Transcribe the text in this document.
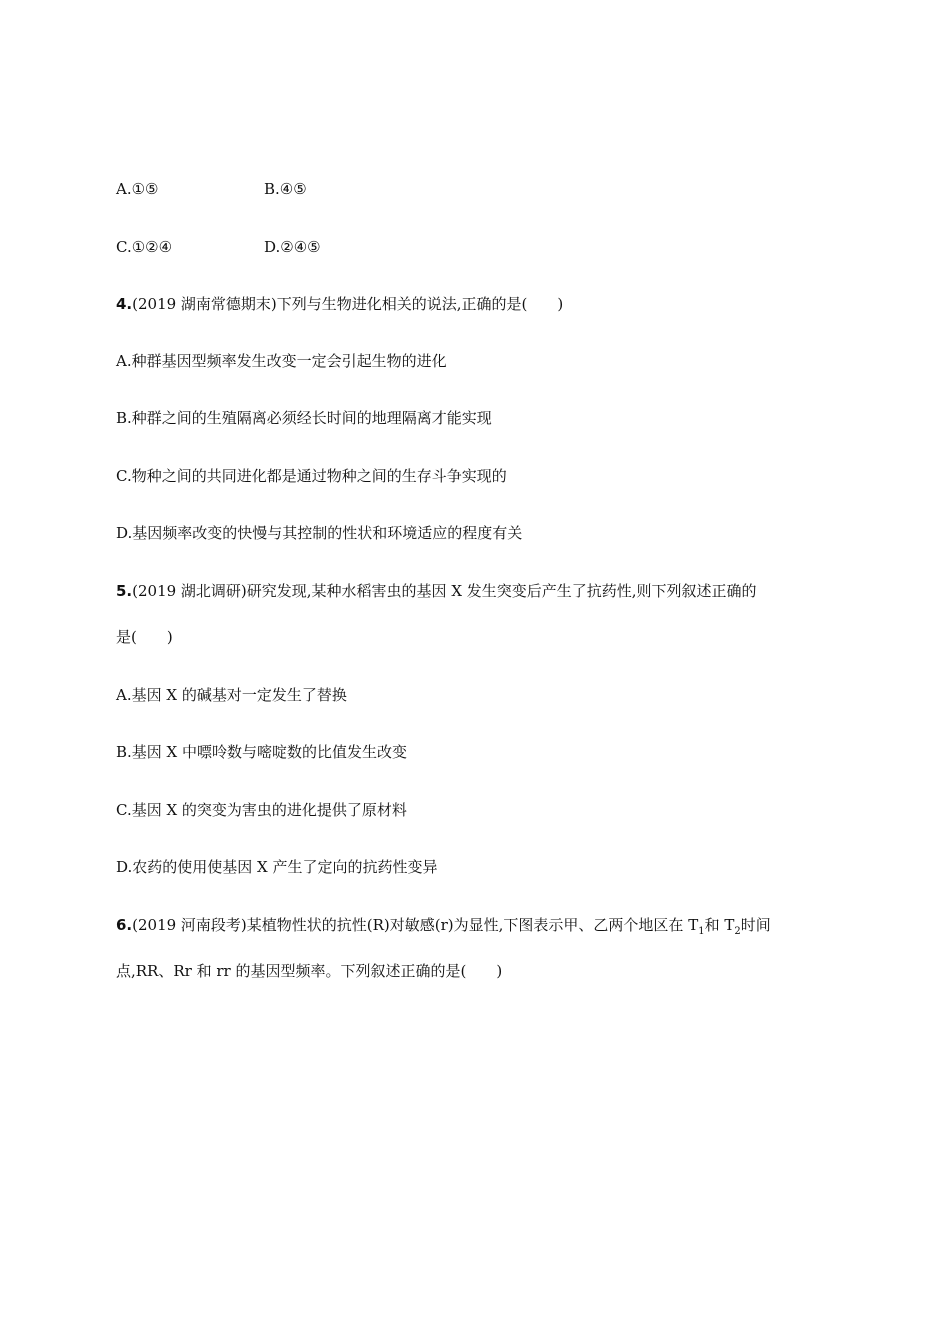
A.①⑤	B.④⑤
C.①②④	D.②④⑤
4.(2019 湖南常德期末)下列与生物进化相关的说法,正确的是(　　)
A.种群基因型频率发生改变一定会引起生物的进化
B.种群之间的生殖隔离必须经长时间的地理隔离才能实现
C.物种之间的共同进化都是通过物种之间的生存斗争实现的
D.基因频率改变的快慢与其控制的性状和环境适应的程度有关
5.(2019 湖北调研)研究发现,某种水稻害虫的基因 X 发生突变后产生了抗药性,则下列叙述正确的
是(　　)
A.基因 X 的碱基对一定发生了替换
B.基因 X 中嘌呤数与嘧啶数的比值发生改变
C.基因 X 的突变为害虫的进化提供了原材料
D.农药的使用使基因 X 产生了定向的抗药性变异
6.(2019 河南段考)某植物性状的抗性(R)对敏感(r)为显性,下图表示甲、乙两个地区在 $T_1$和 $T_2$时间
点,RR、Rr 和 rr 的基因型频率。下列叙述正确的是(　　)
